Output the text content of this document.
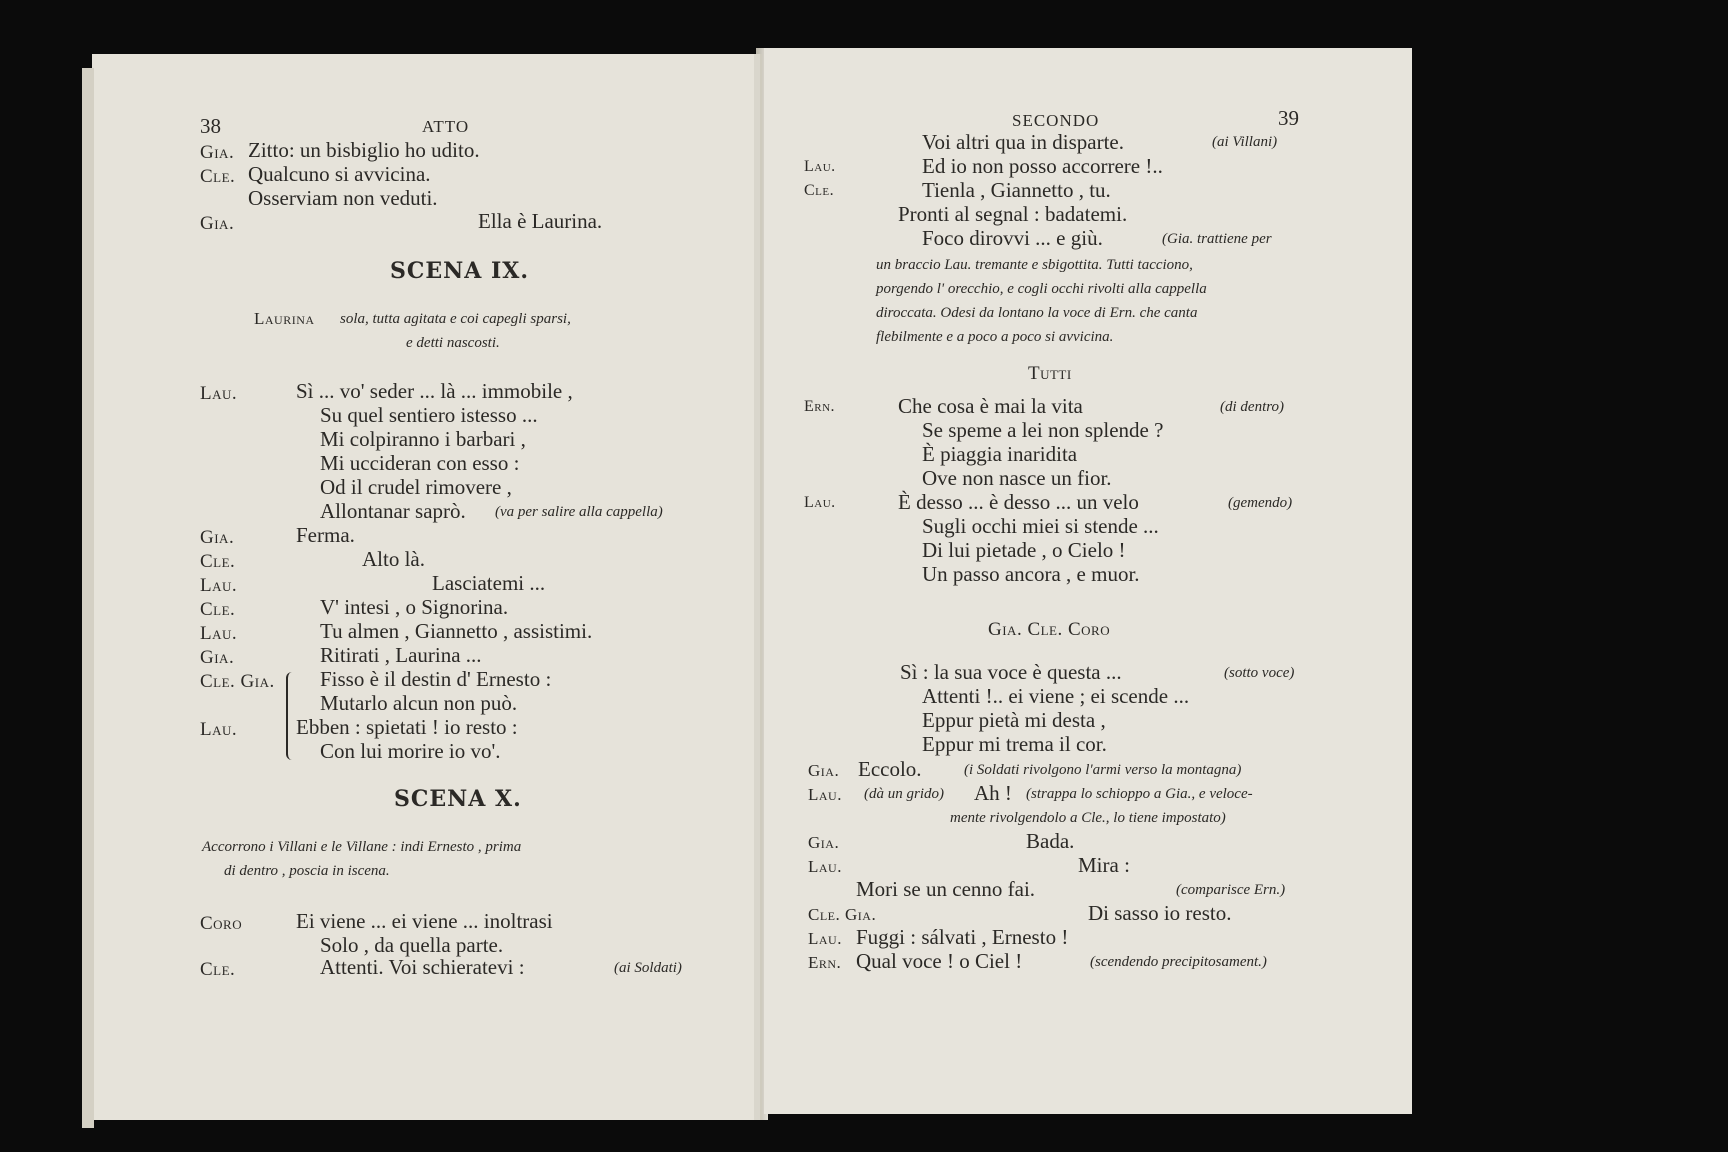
38	ATTO
Gia. Zitto: un bisbiglio ho udito.
Cle. Qualcuno si avvicina.
Osserviam non veduti.
Gia.	Ella è Laurina.
SCENA IX.
Laurina sola, tutta agitata e coi capegli sparsi,
e detti nascosti.
Lau.	Sì ... vo' seder ... là ... immobile ,
Su quel sentiero istesso ...
Mi colpiranno i barbari ,
Mi uccideran con esso :
Od il crudel rimovere ,
Allontanar saprò. (va per salire alla cappella)
Gia.	Ferma.
Cle.	Alto là.
Lau.	Lasciatemi ...
Cle.	V' intesi , o Signorina.
Lau.	Tu almen , Giannetto , assistimi.
Gia.	Ritirati , Laurina ...
Cle. Gia. Fisso è il destin d' Ernesto :
Mutarlo alcun non può.
Lau.	Ebben : spietati ! io resto :
Con lui morire io vo'.
SCENA X.
Accorrono i Villani e le Villane : indi Ernesto , prima
di dentro , poscia in iscena.
Coro	Ei viene ... ei viene ... inoltrasi
Solo , da quella parte.
Cle.	Attenti. Voi schieratevi :	(ai Soldati)
SECONDO	39
Voi altri qua in disparte.	(ai Villani)
Lau.	Ed io non posso accorrere !..
Cle.	Tienla , Giannetto , tu.
Pronti al segnal : badatemi.
Foco dirovvi ... e giù.	(Gia. trattiene per
un braccio Lau. tremante e sbigottita. Tutti tacciono,
porgendo l' orecchio, e cogli occhi rivolti alla cappella
diroccata. Odesi da lontano la voce di Ern. che canta
flebilmente e a poco a poco si avvicina.
Tutti
Ern.	Che cosa è mai la vita	(di dentro)
Se speme a lei non splende ?
È piaggia inaridita
Ove non nasce un fior.
Lau.	È desso ... è desso ... un velo	(gemendo)
Sugli occhi miei si stende ...
Di lui pietade , o Cielo !
Un passo ancora , e muor.
Gia. Cle. Coro
Sì : la sua voce è questa ...	(sotto voce)
Attenti !.. ei viene ; ei scende ...
Eppur pietà mi desta ,
Eppur mi trema il cor.
Gia. Eccolo.	(i Soldati rivolgono l'armi verso la montagna)
Lau. (dà un grido) Ah ! (strappa lo schioppo a Gia., e veloce-
mente rivolgendolo a Cle., lo tiene impostato)
Gia.	Bada.
Lau.	Mira :
Mori se un cenno fai.	(comparisce Ern.)
Cle. Gia.	Di sasso io resto.
Lau. Fuggi : sálvati , Ernesto !
Ern. Qual voce ! o Ciel !	(scendendo precipitosament.)
